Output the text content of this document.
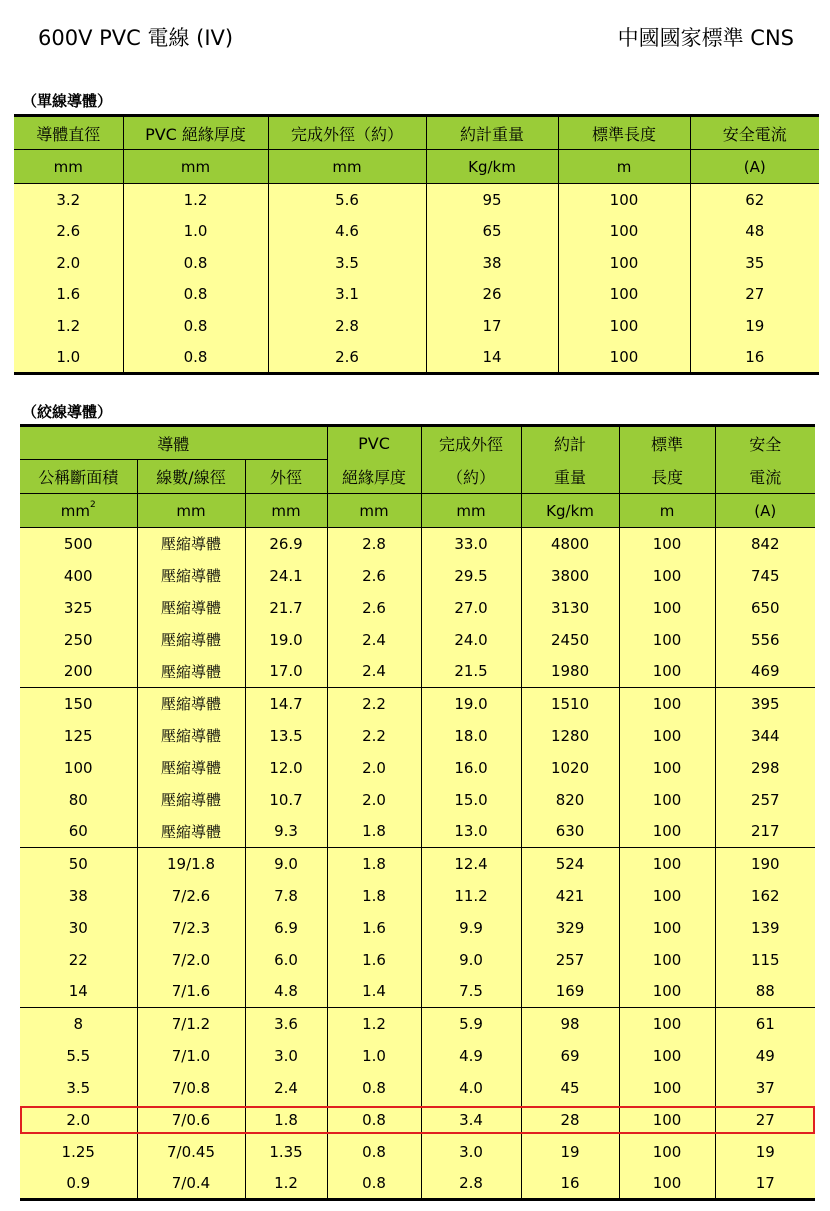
600V PVC 電線 (IV)	中國國家標準 CNS
（單線導體）
導體直徑	PVC 絕緣厚度	完成外徑（約）	約計重量	標準長度	安全電流
mm	mm	mm	Kg/km	m	(A)
3.2	1.2	5.6	95	100	62
2.6	1.0	4.6	65	100	48
2.0	0.8	3.5	38	100	35
1.6	0.8	3.1	26	100	27
1.2	0.8	2.8	17	100	19
1.0	0.8	2.6	14	100	16
（絞線導體）
導體			PVC	完成外徑	約計	標準	安全
公稱斷面積	線數/線徑	外徑	絕緣厚度	（約）	重量	長度	電流
$mm^2$	mm	mm	mm	mm	Kg/km	m	(A)
500	壓縮導體	26.9	2.8	33.0	4800	100	842
400	壓縮導體	24.1	2.6	29.5	3800	100	745
325	壓縮導體	21.7	2.6	27.0	3130	100	650
250	壓縮導體	19.0	2.4	24.0	2450	100	556
200	壓縮導體	17.0	2.4	21.5	1980	100	469
150	壓縮導體	14.7	2.2	19.0	1510	100	395
125	壓縮導體	13.5	2.2	18.0	1280	100	344
100	壓縮導體	12.0	2.0	16.0	1020	100	298
80	壓縮導體	10.7	2.0	15.0	820	100	257
60	壓縮導體	9.3	1.8	13.0	630	100	217
50	19/1.8	9.0	1.8	12.4	524	100	190
38	7/2.6	7.8	1.8	11.2	421	100	162
30	7/2.3	6.9	1.6	9.9	329	100	139
22	7/2.0	6.0	1.6	9.0	257	100	115
14	7/1.6	4.8	1.4	7.5	169	100	88
8	7/1.2	3.6	1.2	5.9	98	100	61
5.5	7/1.0	3.0	1.0	4.9	69	100	49
3.5	7/0.8	2.4	0.8	4.0	45	100	37
2.0	7/0.6	1.8	0.8	3.4	28	100	27
1.25	7/0.45	1.35	0.8	3.0	19	100	19
0.9	7/0.4	1.2	0.8	2.8	16	100	17
